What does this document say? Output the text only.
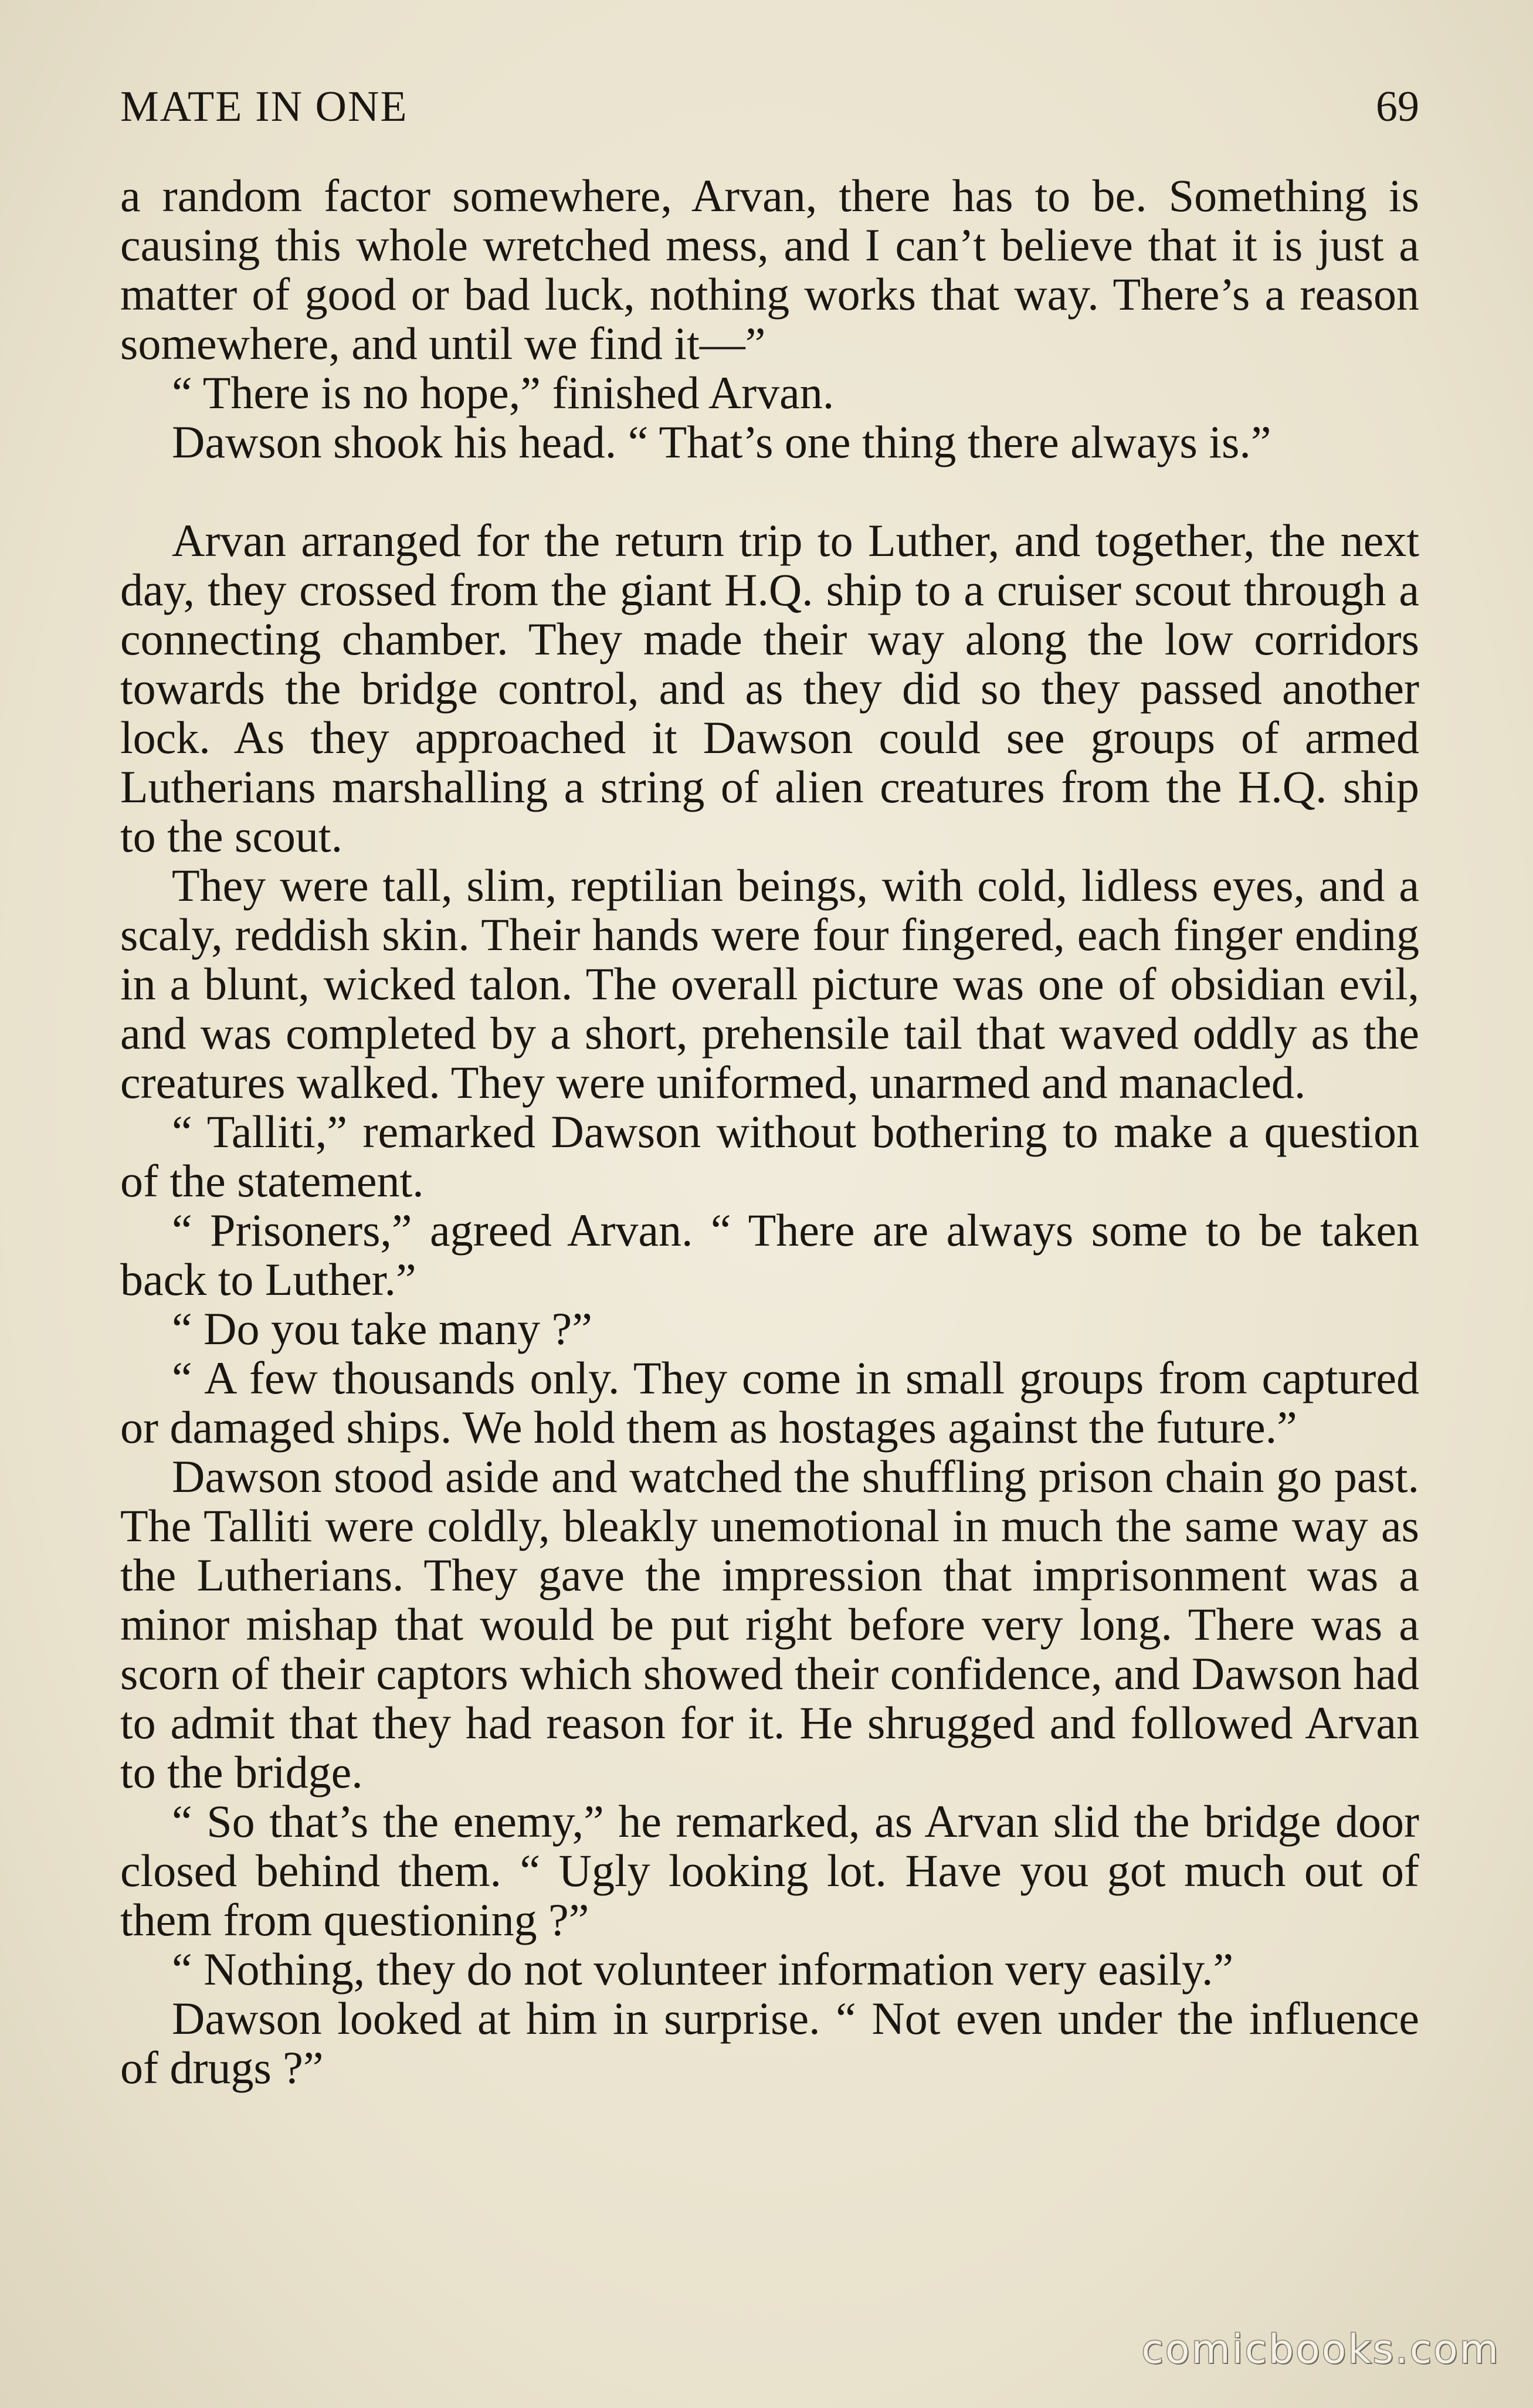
MATE IN ONE	69

a random factor somewhere, Arvan, there has to be. Something is causing this whole wretched mess, and I can’t believe that it is just a matter of good or bad luck, nothing works that way. There’s a reason somewhere, and until we find it—”

“ There is no hope,” finished Arvan.

Dawson shook his head. “ That’s one thing there always is.”

Arvan arranged for the return trip to Luther, and together, the next day, they crossed from the giant H.Q. ship to a cruiser scout through a connecting chamber. They made their way along the low corridors towards the bridge control, and as they did so they passed another lock. As they approached it Dawson could see groups of armed Lutherians marshalling a string of alien creatures from the H.Q. ship to the scout.

They were tall, slim, reptilian beings, with cold, lidless eyes, and a scaly, reddish skin. Their hands were four fingered, each finger ending in a blunt, wicked talon. The overall picture was one of obsidian evil, and was completed by a short, prehensile tail that waved oddly as the creatures walked. They were uniformed, unarmed and manacled.

“ Talliti,” remarked Dawson without bothering to make a question of the statement.

“ Prisoners,” agreed Arvan. “ There are always some to be taken back to Luther.”

“ Do you take many ?”

“ A few thousands only. They come in small groups from captured or damaged ships. We hold them as hostages against the future.”

Dawson stood aside and watched the shuffling prison chain go past. The Talliti were coldly, bleakly unemotional in much the same way as the Lutherians. They gave the impression that imprisonment was a minor mishap that would be put right before very long. There was a scorn of their captors which showed their confidence, and Dawson had to admit that they had reason for it. He shrugged and followed Arvan to the bridge.

“ So that’s the enemy,” he remarked, as Arvan slid the bridge door closed behind them. “ Ugly looking lot. Have you got much out of them from questioning ?”

“ Nothing, they do not volunteer information very easily.”

Dawson looked at him in surprise. “ Not even under the influence of drugs ?”

comicbooks.com
